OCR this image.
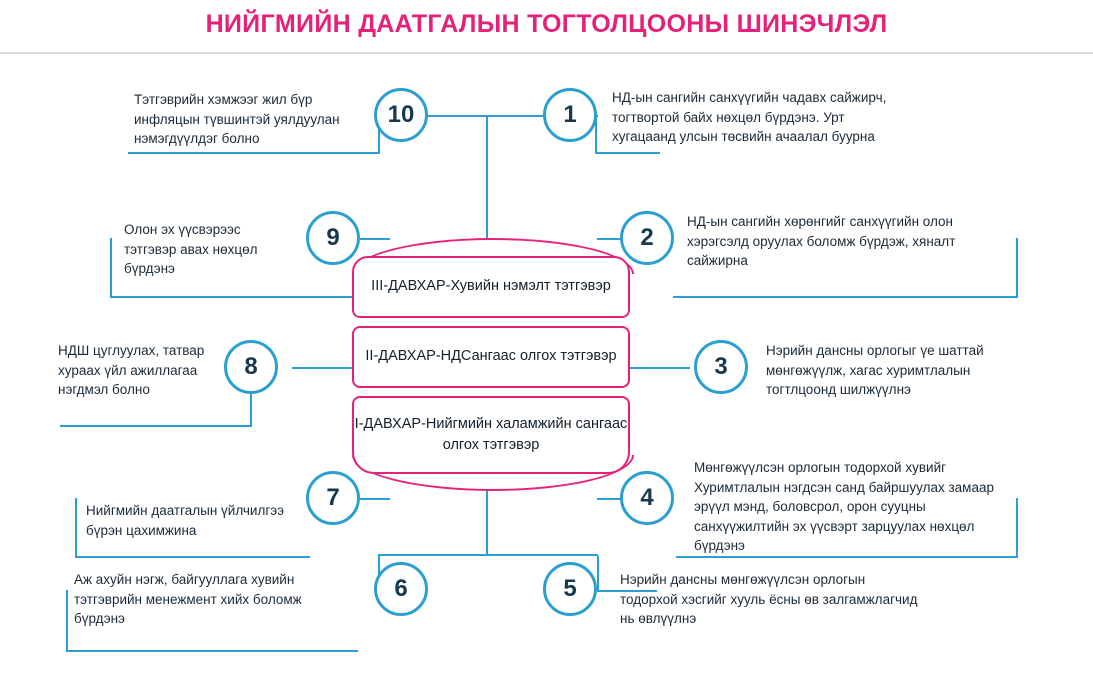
НИЙГМИЙН ДААТГАЛЫН ТОГТОЛЦООНЫ ШИНЭЧЛЭЛ
III-ДАВХАР-Хувийн нэмэлт тэтгэвэр
II-ДАВХАР-НДСангаас олгох тэтгэвэр
I-ДАВХАР-Нийгмийн халамжийн сангаас олгох тэтгэвэр
1
НД-ын сангийн санхүүгийн чадавх сайжирч, тогтвортой байх нөхцөл бүрдэнэ. Урт хугацаанд улсын төсвийн ачаалал буурна
10
Тэтгэврийн хэмжээг жил бүр инфляцын түвшинтэй уялдуулан нэмэгдүүлдэг болно
2
НД-ын сангийн хөрөнгийг санхүүгийн олон хэрэгсэлд оруулах боломж бүрдэж, хяналт сайжирна
9
Олон эх үүсвэрээс тэтгэвэр авах нөхцөл бүрдэнэ
3
Нэрийн дансны орлогыг үе шаттай мөнгөжүүлж, хагас хуримтлалын тогтлцоонд шилжүүлнэ
8
НДШ цуглуулах, татвар хураах үйл ажиллагаа нэгдмэл болно
4
Мөнгөжүүлсэн орлогын тодорхой хувийг Хуримтлалын нэгдсэн санд байршуулах замаар эрүүл мэнд, боловсрол, орон сууцны санхүүжилтийн эх үүсвэрт зарцуулах нөхцөл бүрдэнэ
7
Нийгмийн даатгалын үйлчилгээ бүрэн цахимжина
5	Нэрийн дансны мөнгөжүүлсэн орлогын тодорхой хэсгийг хууль ёсны өв залгамжлагчид нь өвлүүлнэ
6
Аж ахуйн нэгж, байгууллага хувийн тэтгэврийн менежмент хийх боломж бүрдэнэ
